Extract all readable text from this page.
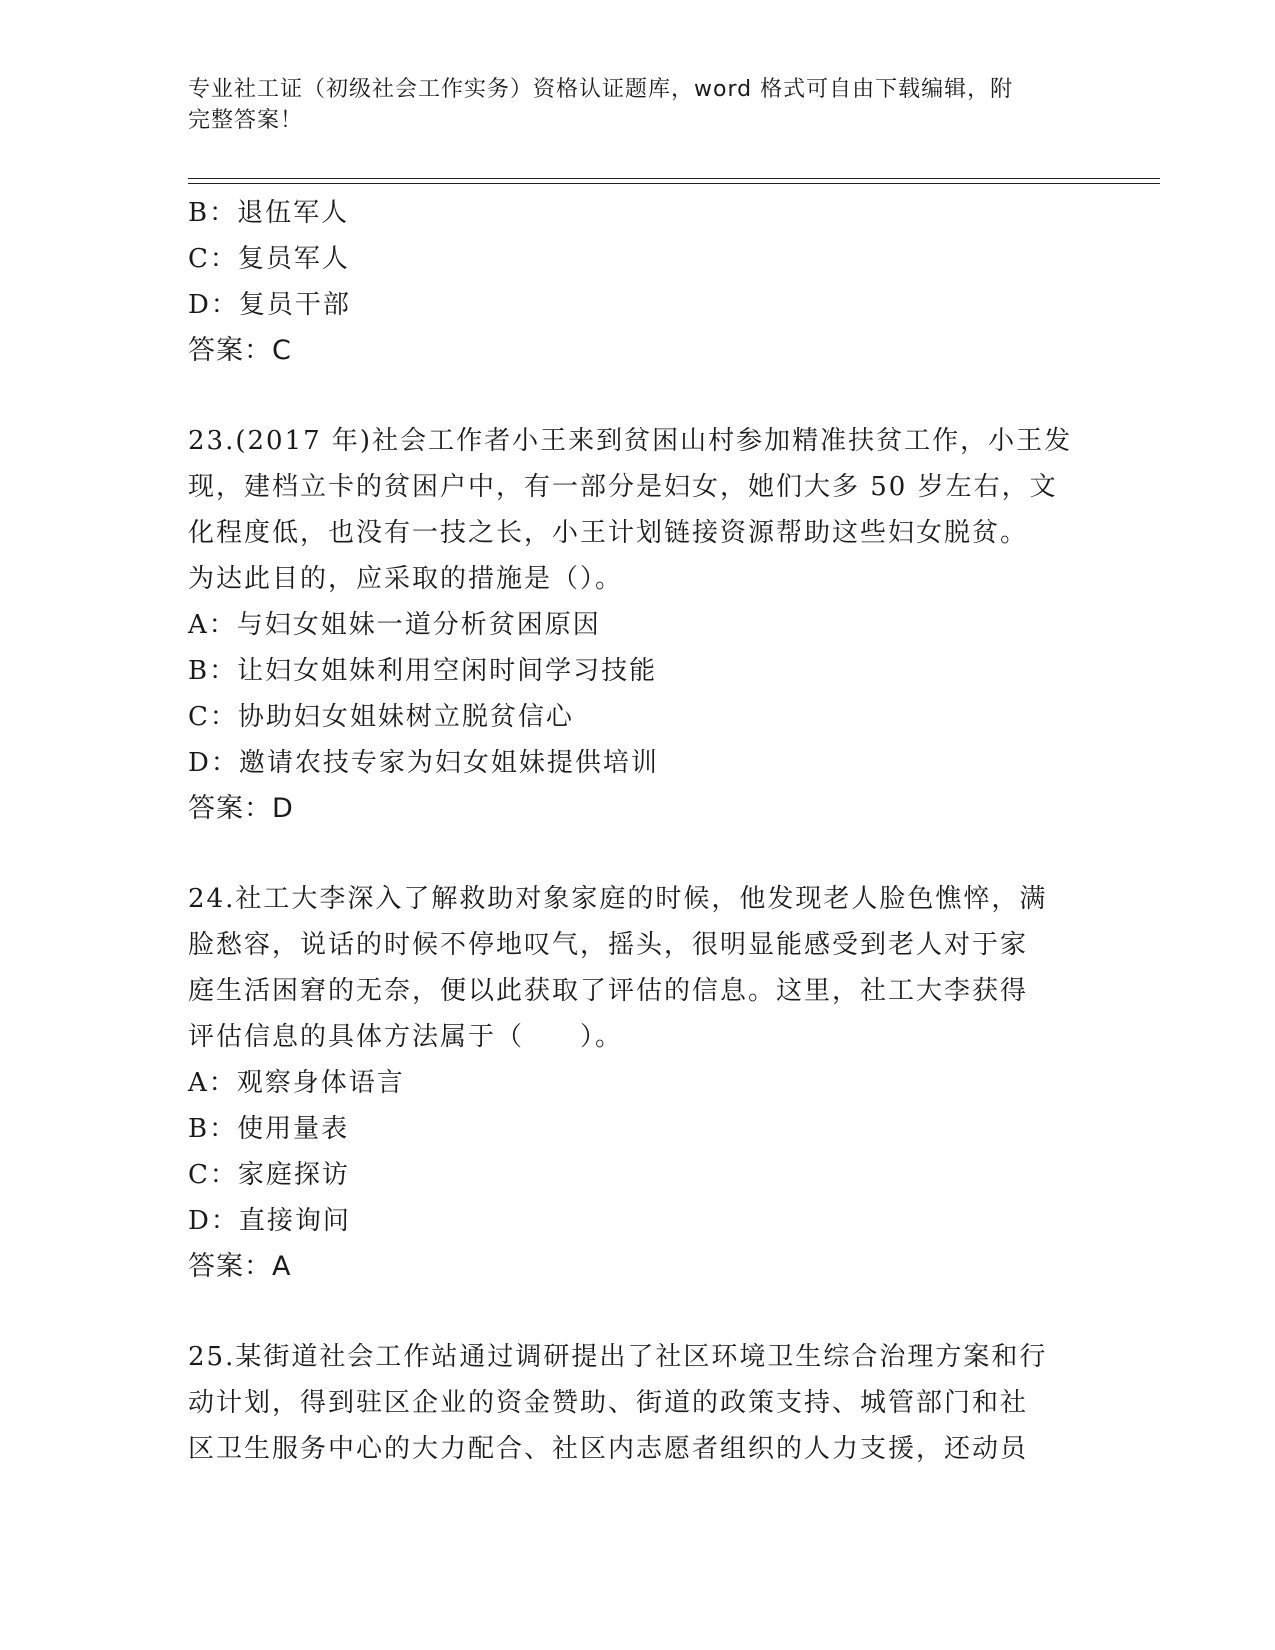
专业社工证（初级社会工作实务）资格认证题库，word 格式可自由下载编辑，附
完整答案！
B：退伍军人
C：复员军人
D：复员干部
答案：C
23.(2017 年)社会工作者小王来到贫困山村参加精准扶贫工作，小王发
现，建档立卡的贫困户中，有一部分是妇女，她们大多 50 岁左右，文
化程度低，也没有一技之长，小王计划链接资源帮助这些妇女脱贫。
为达此目的，应采取的措施是（）。
A：与妇女姐妹一道分析贫困原因
B：让妇女姐妹利用空闲时间学习技能
C：协助妇女姐妹树立脱贫信心
D：邀请农技专家为妇女姐妹提供培训
答案：D
24.社工大李深入了解救助对象家庭的时候，他发现老人脸色憔悴，满
脸愁容，说话的时候不停地叹气，摇头，很明显能感受到老人对于家
庭生活困窘的无奈，便以此获取了评估的信息。这里，社工大李获得
评估信息的具体方法属于（　　）。
A：观察身体语言
B：使用量表
C：家庭探访
D：直接询问
答案：A
25.某街道社会工作站通过调研提出了社区环境卫生综合治理方案和行
动计划，得到驻区企业的资金赞助、街道的政策支持、城管部门和社
区卫生服务中心的大力配合、社区内志愿者组织的人力支援，还动员
